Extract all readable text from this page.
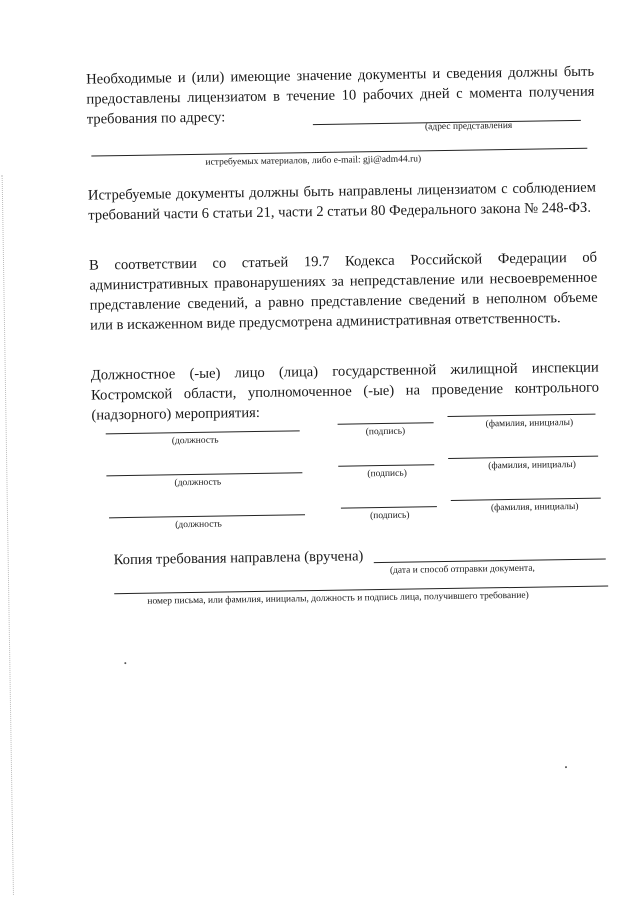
Необходимые и (или) имеющие значение документы и сведения должны быть предоставлены лицензиатом в течение 10 рабочих дней с момента получения требования по адресу:	(адрес представления
истребуемых материалов, либо e-mail: gji@adm44.ru)

Истребуемые документы должны быть направлены лицензиатом с соблюдением требований части 6 статьи 21, части 2 статьи 80 Федерального закона № 248-ФЗ.

В соответствии со статьей 19.7 Кодекса Российской Федерации об административных правонарушениях за непредставление или несвоевременное представление сведений, а равно представление сведений в неполном объеме или в искаженном виде предусмотрена административная ответственность.

Должностное (-ые) лицо (лица) государственной жилищной инспекции Костромской области, уполномоченное (-ые) на проведение контрольного (надзорного) мероприятия:

(должность
(подпись)
(фамилия, инициалы)
(должность
(подпись)
(фамилия, инициалы)
(должность
(подпись)
(фамилия, инициалы)
Копия требования направлена (вручена)
(дата и способ отправки документа,
номер письма, или фамилия, инициалы, должность и подпись лица, получившего требование)
